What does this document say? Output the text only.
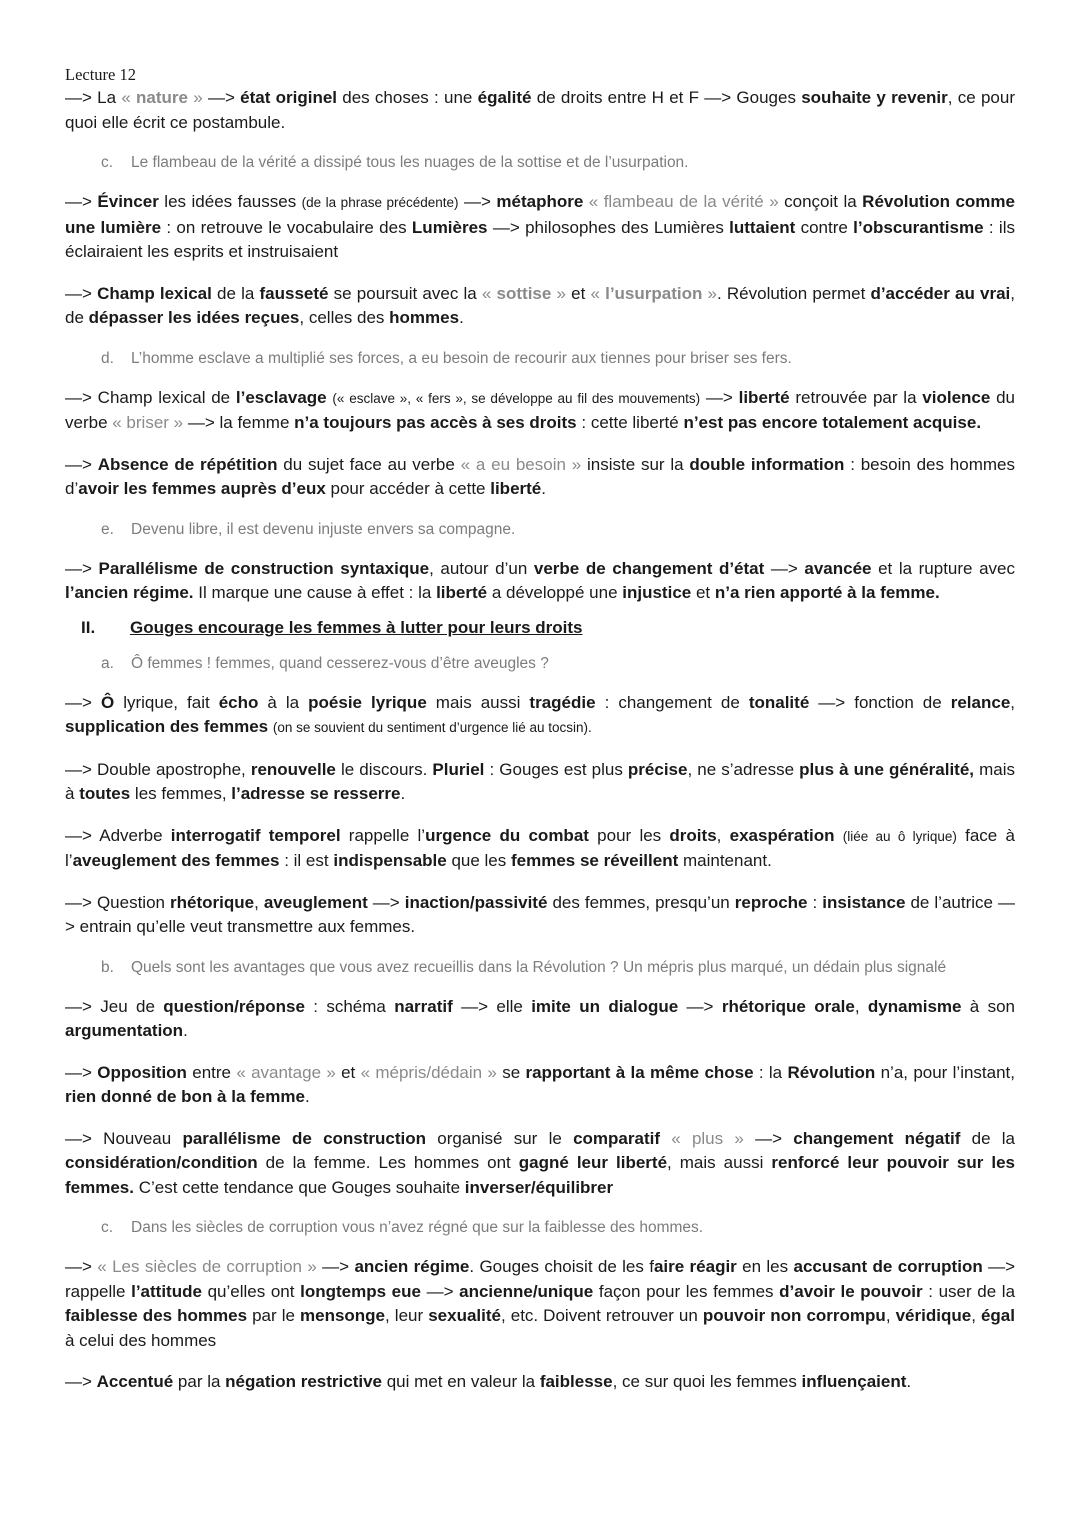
Lecture 12

—> La « nature » —> état originel des choses : une égalité de droits entre H et F —> Gouges souhaite y revenir, ce pour quoi elle écrit ce postambule.

c. Le flambeau de la vérité a dissipé tous les nuages de la sottise et de l’usurpation.

—> Évincer les idées fausses (de la phrase précédente) —> métaphore « flambeau de la vérité » conçoit la Révolution comme une lumière : on retrouve le vocabulaire des Lumières —> philosophes des Lumières luttaient contre l’obscurantisme : ils éclairaient les esprits et instruisaient

—> Champ lexical de la fausseté se poursuit avec la « sottise » et « l’usurpation ». Révolution permet d’accéder au vrai, de dépasser les idées reçues, celles des hommes.

d. L’homme esclave a multiplié ses forces, a eu besoin de recourir aux tiennes pour briser ses fers.

—> Champ lexical de l’esclavage (« esclave », « fers », se développe au fil des mouvements) —> liberté retrouvée par la violence du verbe « briser » —> la femme n’a toujours pas accès à ses droits : cette liberté n’est pas encore totalement acquise.

—> Absence de répétition du sujet face au verbe « a eu besoin » insiste sur la double information : besoin des hommes d’avoir les femmes auprès d’eux pour accéder à cette liberté.

e. Devenu libre, il est devenu injuste envers sa compagne.

—> Parallélisme de construction syntaxique, autour d’un verbe de changement d’état —> avancée et la rupture avec l’ancien régime. Il marque une cause à effet : la liberté a développé une injustice et n’a rien apporté à la femme.

II. Gouges encourage les femmes à lutter pour leurs droits
a. Ô femmes ! femmes, quand cesserez-vous d’être aveugles ?

—> Ô lyrique, fait écho à la poésie lyrique mais aussi tragédie : changement de tonalité —> fonction de relance, supplication des femmes (on se souvient du sentiment d’urgence lié au tocsin).

—> Double apostrophe, renouvelle le discours. Pluriel : Gouges est plus précise, ne s’adresse plus à une généralité, mais à toutes les femmes, l’adresse se resserre.

—> Adverbe interrogatif temporel rappelle l’urgence du combat pour les droits, exaspération (liée au ô lyrique) face à l’aveuglement des femmes : il est indispensable que les femmes se réveillent maintenant.

—> Question rhétorique, aveuglement —> inaction/passivité des femmes, presqu’un reproche : insistance de l’autrice —> entrain qu’elle veut transmettre aux femmes.

b. Quels sont les avantages que vous avez recueillis dans la Révolution ? Un mépris plus marqué, un dédain plus signalé

—> Jeu de question/réponse : schéma narratif —> elle imite un dialogue —> rhétorique orale, dynamisme à son argumentation.

—> Opposition entre « avantage » et « mépris/dédain » se rapportant à la même chose : la Révolution n’a, pour l’instant, rien donné de bon à la femme.

—> Nouveau parallélisme de construction organisé sur le comparatif « plus » —> changement négatif de la considération/condition de la femme. Les hommes ont gagné leur liberté, mais aussi renforcé leur pouvoir sur les femmes. C’est cette tendance que Gouges souhaite inverser/équilibrer

c. Dans les siècles de corruption vous n’avez régné que sur la faiblesse des hommes.

—> « Les siècles de corruption » —> ancien régime. Gouges choisit de les faire réagir en les accusant de corruption —> rappelle l’attitude qu’elles ont longtemps eue —> ancienne/unique façon pour les femmes d’avoir le pouvoir : user de la faiblesse des hommes par le mensonge, leur sexualité, etc. Doivent retrouver un pouvoir non corrompu, véridique, égal à celui des hommes

—> Accentué par la négation restrictive qui met en valeur la faiblesse, ce sur quoi les femmes influençaient.
